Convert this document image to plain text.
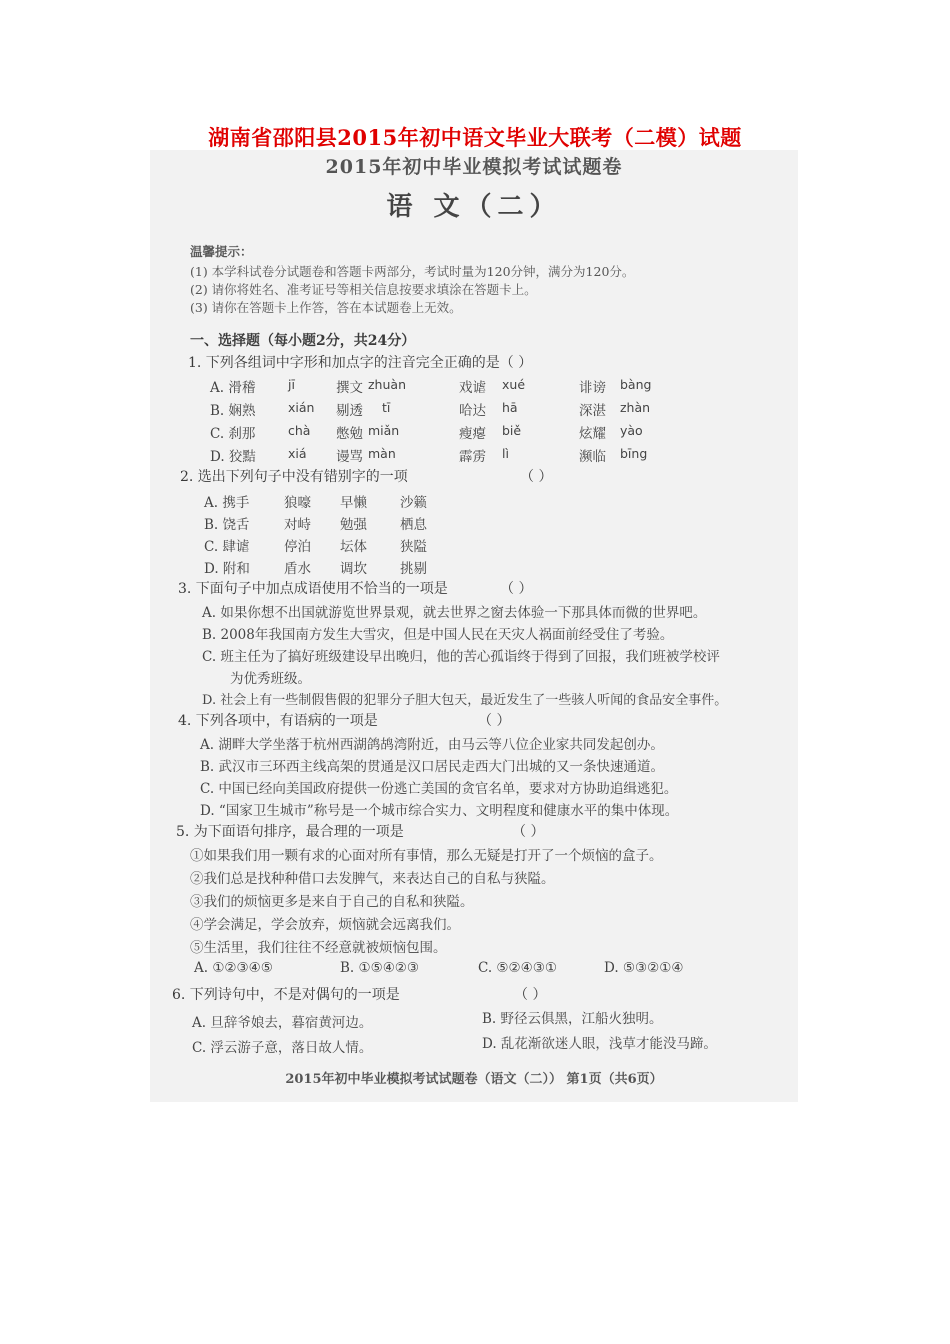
湖南省邵阳县2015年初中语文毕业大联考（二模）试题
2015年初中毕业模拟考试试题卷
语 文（二）
温馨提示：
(1) 本学科试卷分试题卷和答题卡两部分，考试时量为120分钟，满分为120分。
(2) 请你将姓名、准考证号等相关信息按要求填涂在答题卡上。
(3) 请你在答题卡上作答，答在本试题卷上无效。
一、选择题（每小题2分，共24分）
1. 下列各组词中字形和加点字的注音完全正确的是（ ）
A. 滑稽	jī	撰文 zhuàn	戏谑 xué	诽谤 bàng
B. 娴熟	xián 剔透 tī	哈达 hā	深湛 zhàn
C. 刹那	chà 憋勉 miǎn	瘦瘪 biě	炫耀 yào
D. 狡黠	xiá 谩骂 màn	霹雳 lì	濒临 bīng
2. 选出下列句子中没有错别字的一项	（ ）
A. 携手	狼嚎 早懒 沙籁
B. 饶舌	对峙 勉强 栖息
C. 肆谑	停泊 坛体 狭隘
D. 附和	盾水 调坎 挑剔
3. 下面句子中加点成语使用不恰当的一项是	（ ）
A. 如果你想不出国就游览世界景观，就去世界之窗去体验一下那具体而微的世界吧。
B. 2008年我国南方发生大雪灾，但是中国人民在天灾人祸面前经受住了考验。
C. 班主任为了搞好班级建设早出晚归，他的苦心孤诣终于得到了回报，我们班被学校评
为优秀班级。
D. 社会上有一些制假售假的犯罪分子胆大包天，最近发生了一些骇人听闻的食品安全事件。
4. 下列各项中，有语病的一项是	（ ）
A. 湖畔大学坐落于杭州西湖鸽鸪湾附近，由马云等八位企业家共同发起创办。
B. 武汉市三环西主线高架的贯通是汉口居民走西大门出城的又一条快速通道。
C. 中国已经向美国政府提供一份逃亡美国的贪官名单，要求对方协助追缉逃犯。
D. “国家卫生城市”称号是一个城市综合实力、文明程度和健康水平的集中体现。
5. 为下面语句排序，最合理的一项是	（ ）
①如果我们用一颗有求的心面对所有事情，那么无疑是打开了一个烦恼的盒子。
②我们总是找种种借口去发脾气，来表达自己的自私与狭隘。
③我们的烦恼更多是来自于自己的自私和狭隘。
④学会满足，学会放弃，烦恼就会远离我们。
⑤生活里，我们往往不经意就被烦恼包围。
A. ①②③④⑤	B. ①⑤④②③	C. ⑤②④③①	D. ⑤③②①④
6. 下列诗句中，不是对偶句的一项是	（ ）
A. 旦辞爷娘去，暮宿黄河边。	B. 野径云俱黑，江船火独明。
C. 浮云游子意，落日故人情。	D. 乱花渐欲迷人眼，浅草才能没马蹄。
2015年初中毕业模拟考试试题卷（语文（二）） 第1页（共6页）
